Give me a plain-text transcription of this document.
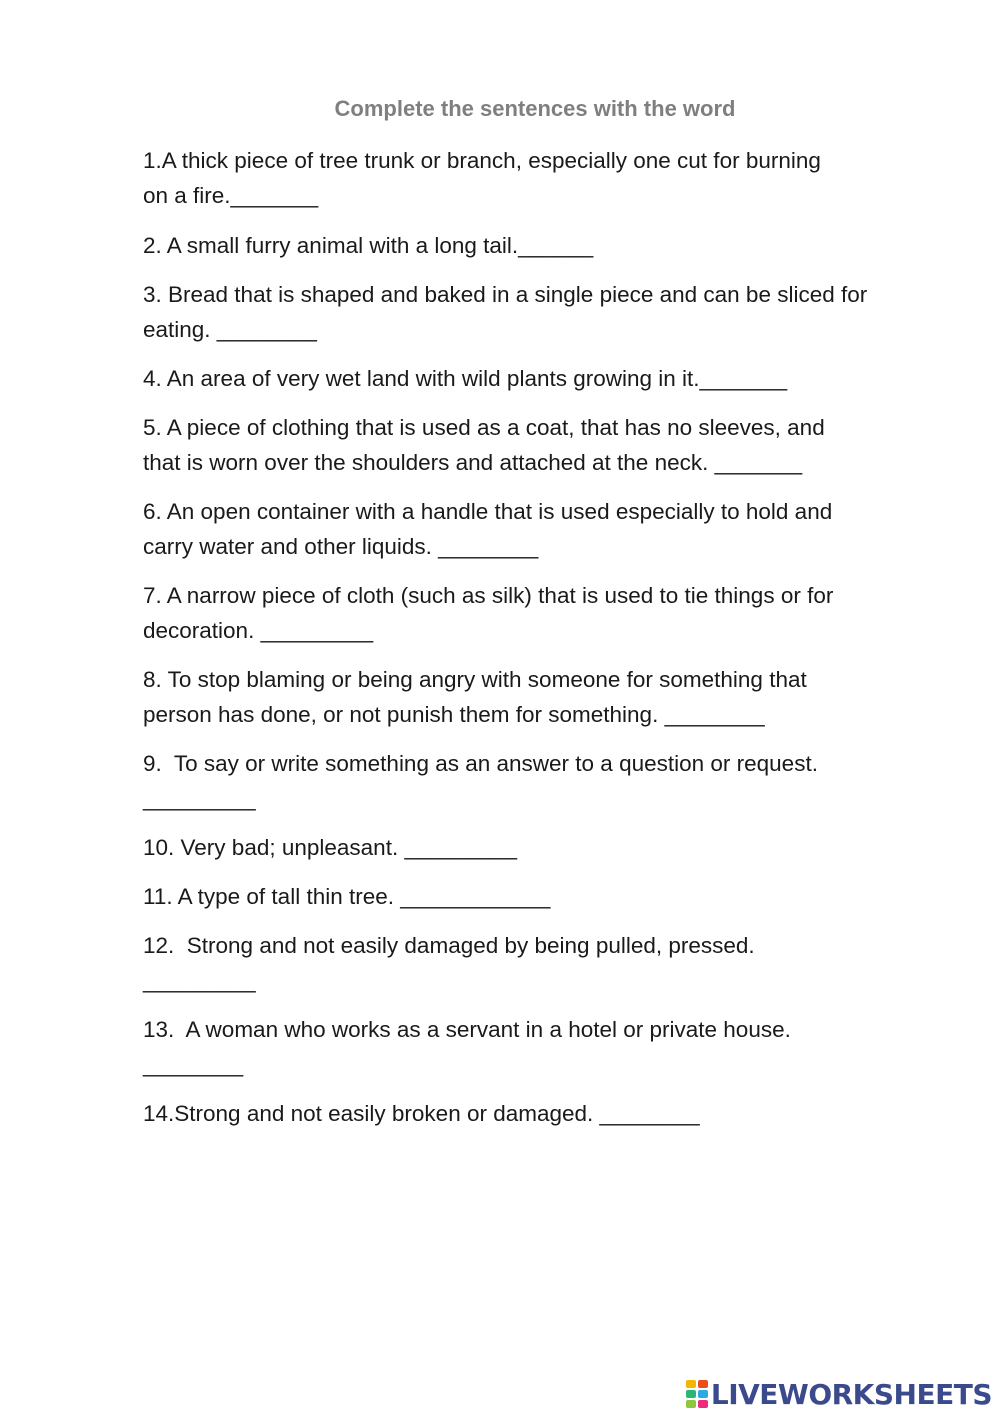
Complete the sentences with the word
1.A thick piece of tree trunk or branch, especially one cut for burning
on a fire._______
2. A small furry animal with a long tail.______
3. Bread that is shaped and baked in a single piece and can be sliced for
eating. ________
4. An area of very wet land with wild plants growing in it._______
5. A piece of clothing that is used as a coat, that has no sleeves, and
that is worn over the shoulders and attached at the neck. _______
6. An open container with a handle that is used especially to hold and
carry water and other liquids. ________
7. A narrow piece of cloth (such as silk) that is used to tie things or for
decoration. _________
8. To stop blaming or being angry with someone for something that
person has done, or not punish them for something. ________
9.  To say or write something as an answer to a question or request.
_________
10. Very bad; unpleasant. _________
11. A type of tall thin tree. ____________
12.  Strong and not easily damaged by being pulled, pressed.
_________
13.  A woman who works as a servant in a hotel or private house.
________
14.Strong and not easily broken or damaged. ________
LIVEWORKSHEETS
